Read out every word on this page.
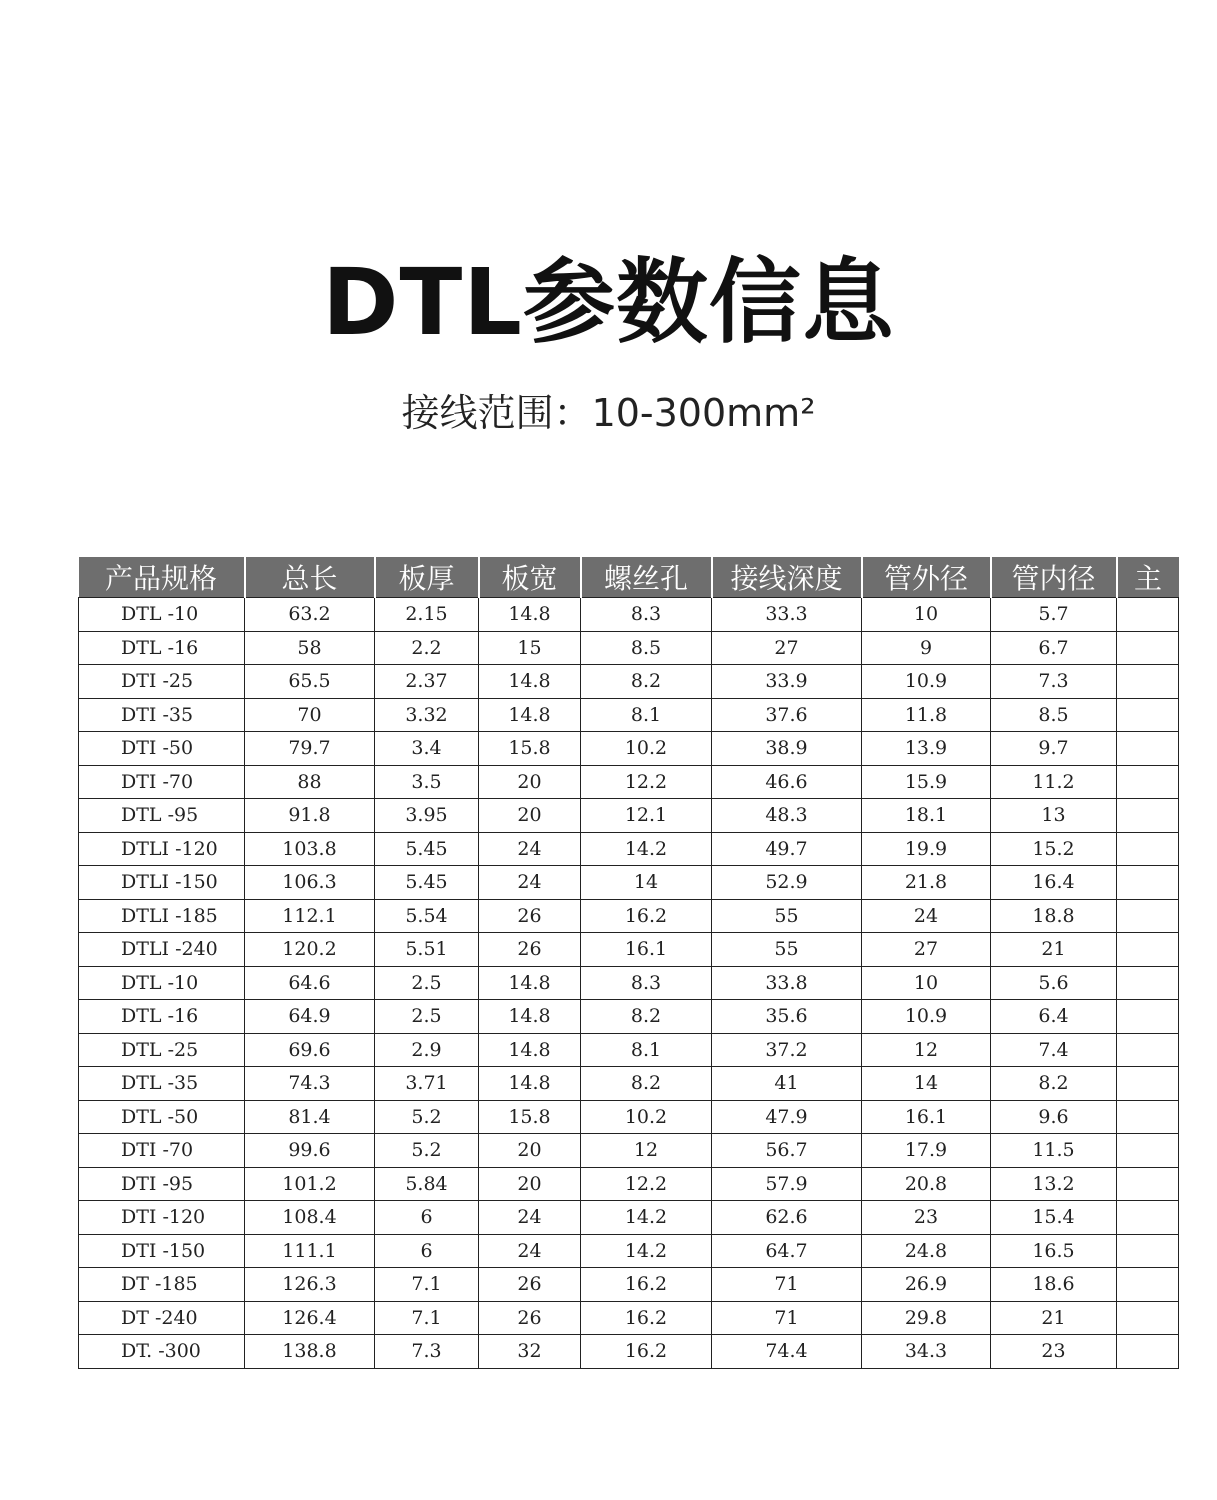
DTL参数信息
接线范围：10-300mm²
产品规格	总长	板厚	板宽	螺丝孔	接线深度	管外径	管内径	主
DTL -10	63.2	2.15	14.8	8.3	33.3	10	5.7	
DTL -16	58	2.2	15	8.5	27	9	6.7	
DTI -25	65.5	2.37	14.8	8.2	33.9	10.9	7.3	
DTI -35	70	3.32	14.8	8.1	37.6	11.8	8.5	
DTI -50	79.7	3.4	15.8	10.2	38.9	13.9	9.7	
DTI -70	88	3.5	20	12.2	46.6	15.9	11.2	
DTL -95	91.8	3.95	20	12.1	48.3	18.1	13	
DTLI -120	103.8	5.45	24	14.2	49.7	19.9	15.2	
DTLI -150	106.3	5.45	24	14	52.9	21.8	16.4	
DTLI -185	112.1	5.54	26	16.2	55	24	18.8	
DTLI -240	120.2	5.51	26	16.1	55	27	21	
DTL -10	64.6	2.5	14.8	8.3	33.8	10	5.6	
DTL -16	64.9	2.5	14.8	8.2	35.6	10.9	6.4	
DTL -25	69.6	2.9	14.8	8.1	37.2	12	7.4	
DTL -35	74.3	3.71	14.8	8.2	41	14	8.2	
DTL -50	81.4	5.2	15.8	10.2	47.9	16.1	9.6	
DTI -70	99.6	5.2	20	12	56.7	17.9	11.5	
DTI -95	101.2	5.84	20	12.2	57.9	20.8	13.2	
DTI -120	108.4	6	24	14.2	62.6	23	15.4	
DTI -150	111.1	6	24	14.2	64.7	24.8	16.5	
DT -185	126.3	7.1	26	16.2	71	26.9	18.6	
DT -240	126.4	7.1	26	16.2	71	29.8	21	
DT. -300	138.8	7.3	32	16.2	74.4	34.3	23	
